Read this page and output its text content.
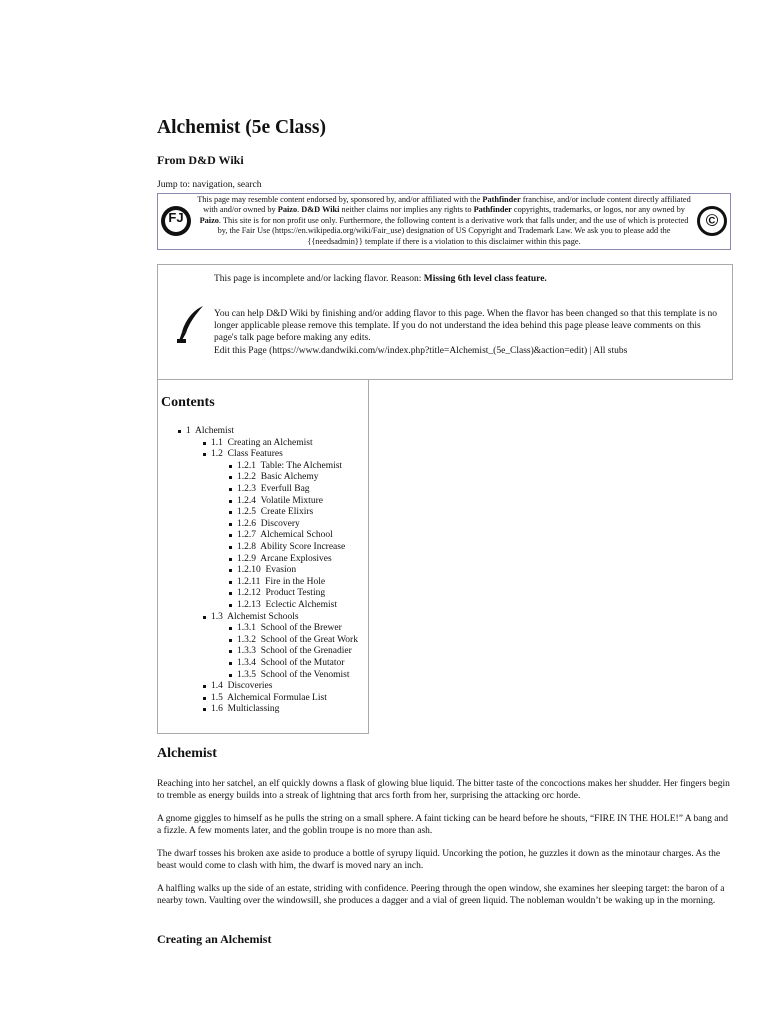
Alchemist (5e Class)
From D&D Wiki
Jump to: navigation, search
FJ
This page may resemble content endorsed by, sponsored by, and/or affiliated with the Pathfinder franchise, and/or include content directly affiliated with and/or owned by Paizo. D&D Wiki neither claims nor implies any rights to Pathfinder copyrights, trademarks, or logos, nor any owned by Paizo. This site is for non profit use only. Furthermore, the following content is a derivative work that falls under, and the use of which is protected by, the Fair Use (https://en.wikipedia.org/wiki/Fair_use) designation of US Copyright and Trademark Law. We ask you to please add the {{needsadmin}} template if there is a violation to this disclaimer within this page.
©
This page is incomplete and/or lacking flavor. Reason: Missing 6th level class feature.
You can help D&D Wiki by finishing and/or adding flavor to this page. When the flavor has been changed so that this template is no longer applicable please remove this template. If you do not understand the idea behind this page please leave comments on this page's talk page before making any edits.
Edit this Page (https://www.dandwiki.com/w/index.php?title=Alchemist_(5e_Class)&action=edit) | All stubs
Contents
1 Alchemist
1.1 Creating an Alchemist
1.2 Class Features
1.2.1 Table: The Alchemist
1.2.2 Basic Alchemy
1.2.3 Everfull Bag
1.2.4 Volatile Mixture
1.2.5 Create Elixirs
1.2.6 Discovery
1.2.7 Alchemical School
1.2.8 Ability Score Increase
1.2.9 Arcane Explosives
1.2.10 Evasion
1.2.11 Fire in the Hole
1.2.12 Product Testing
1.2.13 Eclectic Alchemist
1.3 Alchemist Schools
1.3.1 School of the Brewer
1.3.2 School of the Great Work
1.3.3 School of the Grenadier
1.3.4 School of the Mutator
1.3.5 School of the Venomist
1.4 Discoveries
1.5 Alchemical Formulae List
1.6 Multiclassing
Alchemist
Reaching into her satchel, an elf quickly downs a flask of glowing blue liquid. The bitter taste of the concoctions makes her shudder. Her fingers begin to tremble as energy builds into a streak of lightning that arcs forth from her, surprising the attacking orc horde.
A gnome giggles to himself as he pulls the string on a small sphere. A faint ticking can be heard before he shouts, “FIRE IN THE HOLE!” A bang and a fizzle. A few moments later, and the goblin troupe is no more than ash.
The dwarf tosses his broken axe aside to produce a bottle of syrupy liquid. Uncorking the potion, he guzzles it down as the minotaur charges. As the beast would come to clash with him, the dwarf is moved nary an inch.
A halfling walks up the side of an estate, striding with confidence. Peering through the open window, she examines her sleeping target: the baron of a nearby town. Vaulting over the windowsill, she produces a dagger and a vial of green liquid. The nobleman wouldn’t be waking up in the morning.
Creating an Alchemist
